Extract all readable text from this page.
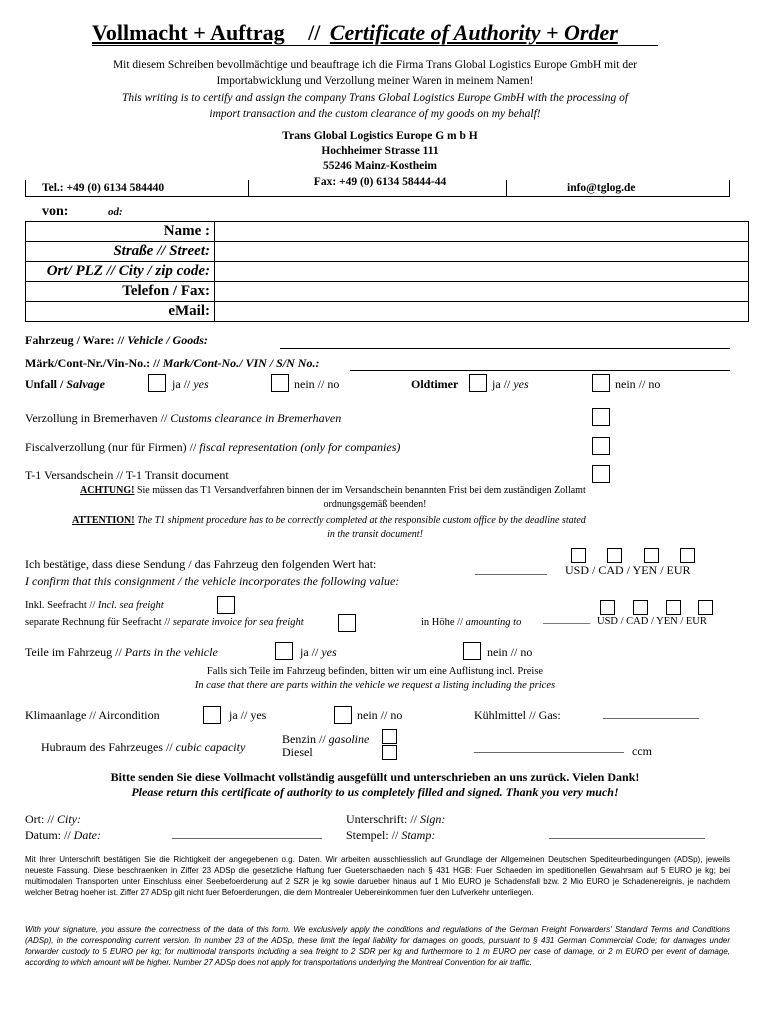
Vollmacht + Auftrag // Certificate of Authority + Order
Mit diesem Schreiben bevollmächtige und beauftrage ich die Firma Trans Global Logistics Europe GmbH mit der
Importabwicklung und Verzollung meiner Waren in meinem Namen!
This writing is to certify and assign the company Trans Global Logistics Europe GmbH with the processing of
import transaction and the custom clearance of my goods on my behalf!
Trans Global Logistics Europe G m b H
Hochheimer Strasse 111
55246 Mainz-Kostheim
Fax: +49 (0) 6134 58444-44
Tel.: +49 (0) 6134 584440	info@tglog.de
von:	od:
Name :	
Straße // Street:	
Ort/ PLZ // City / zip code:	
Telefon / Fax:	
eMail:	
Fahrzeug / Ware: // Vehicle / Goods:
Märk/Cont-Nr./Vin-No.: // Mark/Cont-No./ VIN / S/N No.:
Unfall / Salvage	ja // yes	nein // no	Oldtimer	ja // yes	nein // no
Verzollung in Bremerhaven // Customs clearance in Bremerhaven
Fiscalverzollung (nur für Firmen) // fiscal representation (only for companies)
T-1 Versandschein // T-1 Transit document
ACHTUNG! Sie müssen das T1 Versandverfahren binnen der im Versandschein benannten Frist bei dem zuständigen Zollamt
ordnungsgemäß beenden!
ATTENTION! The T1 shipment procedure has to be correctly completed at the responsible custom office by the deadline stated
in the transit document!
Ich bestätige, dass diese Sendung / das Fahrzeug den folgenden Wert hat:
I confirm that this consignment / the vehicle incorporates the following value:
____________ USD / CAD / YEN / EUR
Inkl. Seefracht // Incl. sea freight
separate Rechnung für Seefracht // separate invoice for sea freight	in Höhe // amounting to _________ USD / CAD / YEN / EUR
Teile im Fahrzeug // Parts in the vehicle	ja // yes	nein // no
Falls sich Teile im Fahrzeug befinden, bitten wir um eine Auflistung incl. Preise
In case that there are parts within the vehicle we request a listing including the prices
Klimaanlage // Aircondition	ja // yes	nein // no	Kühlmittel // Gas:	________________
Hubraum des Fahrzeuges // cubic capacity
Benzin // gasoline
Diesel	_________________________ ccm
Bitte senden Sie diese Vollmacht vollständig ausgefüllt und unterschrieben an uns zurück. Vielen Dank!
Please return this certificate of authority to us completely filled and signed. Thank you very much!
Ort: // City:
Datum: // Date:	_________________________
Unterschrift: // Sign:
Stempel: // Stamp:	__________________________
Mit Ihrer Unterschrift bestätigen Sie die Richtigkeit der angegebenen o.g. Daten. Wir arbeiten ausschliesslich auf Grundlage der Allgemeinen Deutschen Spediteurbedingungen (ADSp), jeweils neueste Fassung. Diese beschraenken in Ziffer 23 ADSp die gesetzliche Haftung fuer Gueterschaeden nach § 431 HGB: Fuer Schaeden im speditionellen Gewahrsam auf 5 EURO je kg; bei multimodalen Transporten unter Einschluss einer Seebefoerderung auf 2 SZR je kg sowie darueber hinaus auf 1 Mio EURO je Schadensfall bzw. 2 Mio EURO je Schadenereignis, je nachdem welcher Betrag hoeher ist. Ziffer 27 ADSp gilt nicht fuer Befoerderungen, die dem Montrealer Uebereinkommen fuer den Lufverkehr unterliegen.
With your signature, you assure the correctness of the data of this form. We exclusively apply the conditions and regulations of the German Freight Forwarders' Standard Terms and Conditions (ADSp), in the corresponding current version. In number 23 of the ADSp, these limit the legal liability for damages on goods, pursuant to § 431 German Commercial Code; for damages under forwarder custody to 5 EURO per kg; for multimodal transports including a sea freight to 2 SDR per kg and furthermore to 1 m EURO per case of damage, or 2 m EURO per event of damage, according to which amount will be higher. Number 27 ADSp does not apply for transportations underlying the Montreal Convention for air traffic.
